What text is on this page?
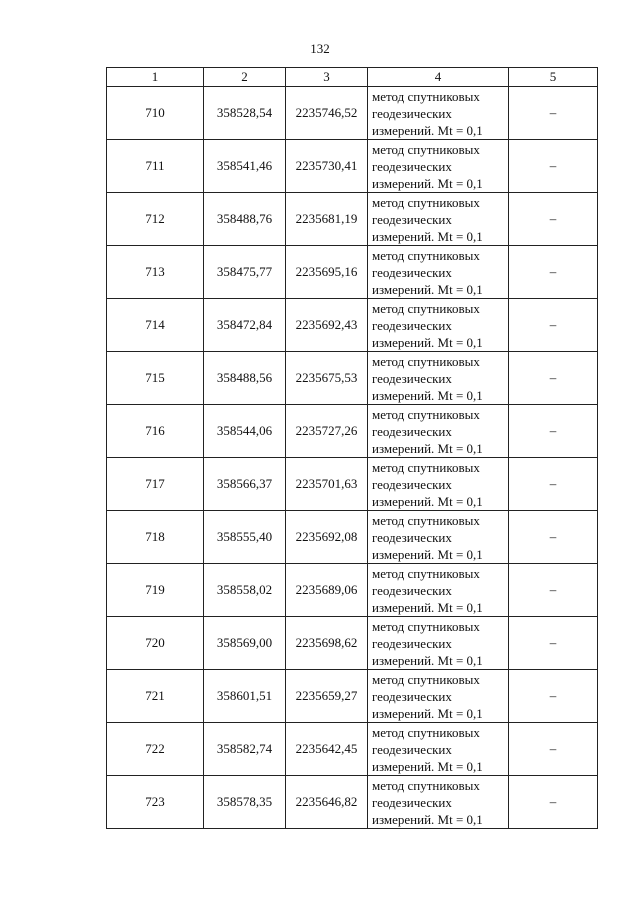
132
1	2	3	4	5
710	358528,54	2235746,52	метод спутниковых
геодезических
измерений. Mt = 0,1	–
711	358541,46	2235730,41	метод спутниковых
геодезических
измерений. Mt = 0,1	–
712	358488,76	2235681,19	метод спутниковых
геодезических
измерений. Mt = 0,1	–
713	358475,77	2235695,16	метод спутниковых
геодезических
измерений. Mt = 0,1	–
714	358472,84	2235692,43	метод спутниковых
геодезических
измерений. Mt = 0,1	–
715	358488,56	2235675,53	метод спутниковых
геодезических
измерений. Mt = 0,1	–
716	358544,06	2235727,26	метод спутниковых
геодезических
измерений. Mt = 0,1	–
717	358566,37	2235701,63	метод спутниковых
геодезических
измерений. Mt = 0,1	–
718	358555,40	2235692,08	метод спутниковых
геодезических
измерений. Mt = 0,1	–
719	358558,02	2235689,06	метод спутниковых
геодезических
измерений. Mt = 0,1	–
720	358569,00	2235698,62	метод спутниковых
геодезических
измерений. Mt = 0,1	–
721	358601,51	2235659,27	метод спутниковых
геодезических
измерений. Mt = 0,1	–
722	358582,74	2235642,45	метод спутниковых
геодезических
измерений. Mt = 0,1	–
723	358578,35	2235646,82	метод спутниковых
геодезических
измерений. Mt = 0,1	–
